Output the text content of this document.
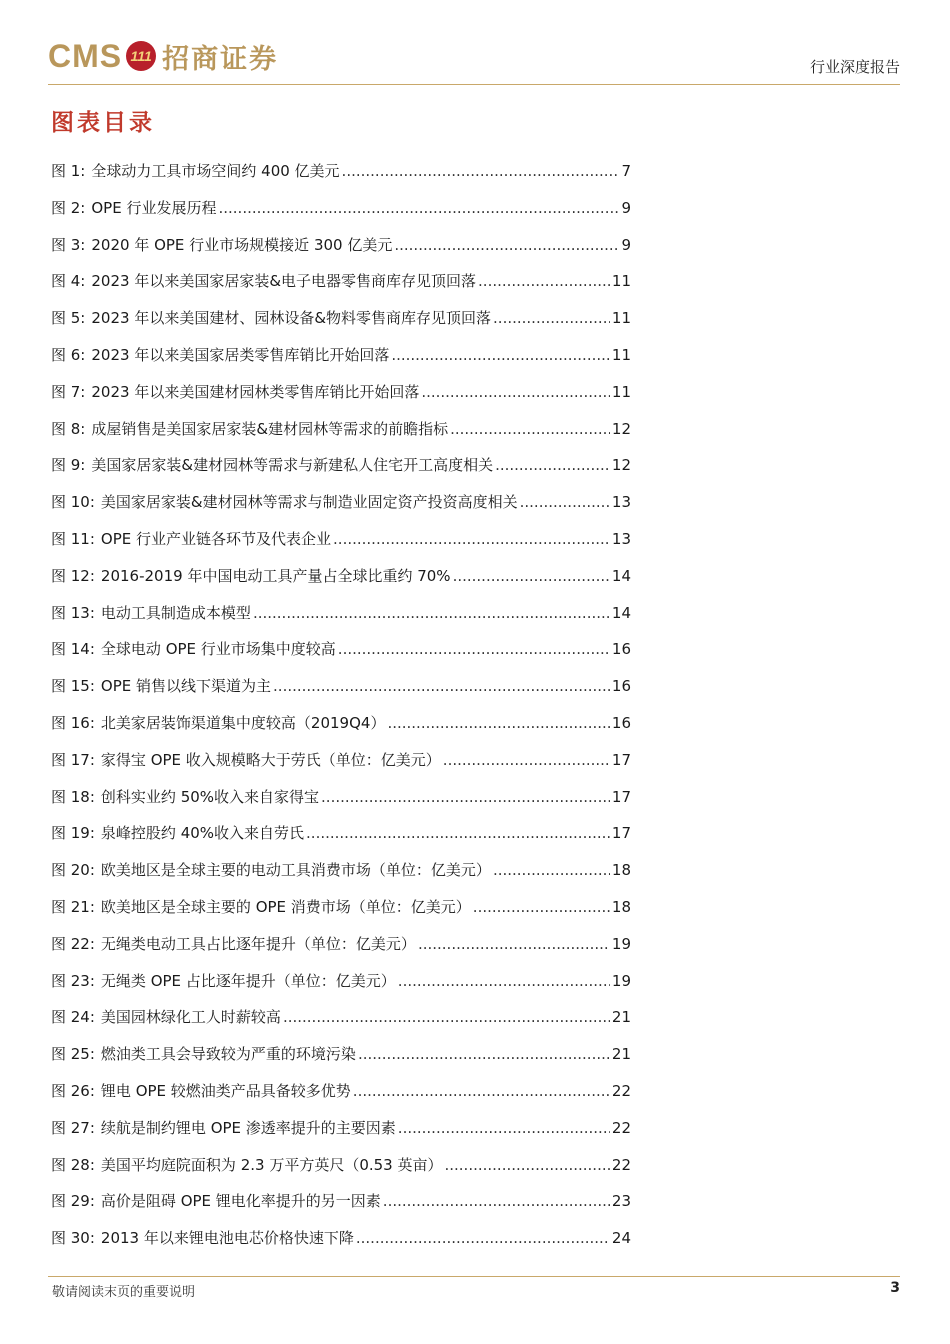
CMS 111 招商证券	行业深度报告
图表目录
图 1: 全球动力工具市场空间约 400 亿美元 .....	7
图 2: OPE 行业发展历程 .....	9
图 3: 2020 年 OPE 行业市场规模接近 300 亿美元 .....	9
图 4: 2023 年以来美国家居家装&电子电器零售商库存见顶回落 .....	11
图 5: 2023 年以来美国建材、园林设备&物料零售商库存见顶回落 .....	11
图 6: 2023 年以来美国家居类零售库销比开始回落 .....	11
图 7: 2023 年以来美国建材园林类零售库销比开始回落 .....	11
图 8: 成屋销售是美国家居家装&建材园林等需求的前瞻指标 .....	12
图 9: 美国家居家装&建材园林等需求与新建私人住宅开工高度相关 .....	12
图 10: 美国家居家装&建材园林等需求与制造业固定资产投资高度相关 .....	13
图 11: OPE 行业产业链各环节及代表企业 .....	13
图 12: 2016-2019 年中国电动工具产量占全球比重约 70% .....	14
图 13: 电动工具制造成本模型 .....	14
图 14: 全球电动 OPE 行业市场集中度较高 .....	16
图 15: OPE 销售以线下渠道为主 .....	16
图 16: 北美家居装饰渠道集中度较高（2019Q4） .....	16
图 17: 家得宝 OPE 收入规模略大于劳氏（单位：亿美元） .....	17
图 18: 创科实业约 50%收入来自家得宝 .....	17
图 19: 泉峰控股约 40%收入来自劳氏 .....	17
图 20: 欧美地区是全球主要的电动工具消费市场（单位：亿美元） .....	18
图 21: 欧美地区是全球主要的 OPE 消费市场（单位：亿美元） .....	18
图 22: 无绳类电动工具占比逐年提升（单位：亿美元） .....	19
图 23: 无绳类 OPE 占比逐年提升（单位：亿美元） .....	19
图 24: 美国园林绿化工人时薪较高 .....	21
图 25: 燃油类工具会导致较为严重的环境污染 .....	21
图 26: 锂电 OPE 较燃油类产品具备较多优势 .....	22
图 27: 续航是制约锂电 OPE 渗透率提升的主要因素 .....	22
图 28: 美国平均庭院面积为 2.3 万平方英尺（0.53 英亩） .....	22
图 29: 高价是阻碍 OPE 锂电化率提升的另一因素 .....	23
图 30: 2013 年以来锂电池电芯价格快速下降 .....	24
敬请阅读末页的重要说明	3
